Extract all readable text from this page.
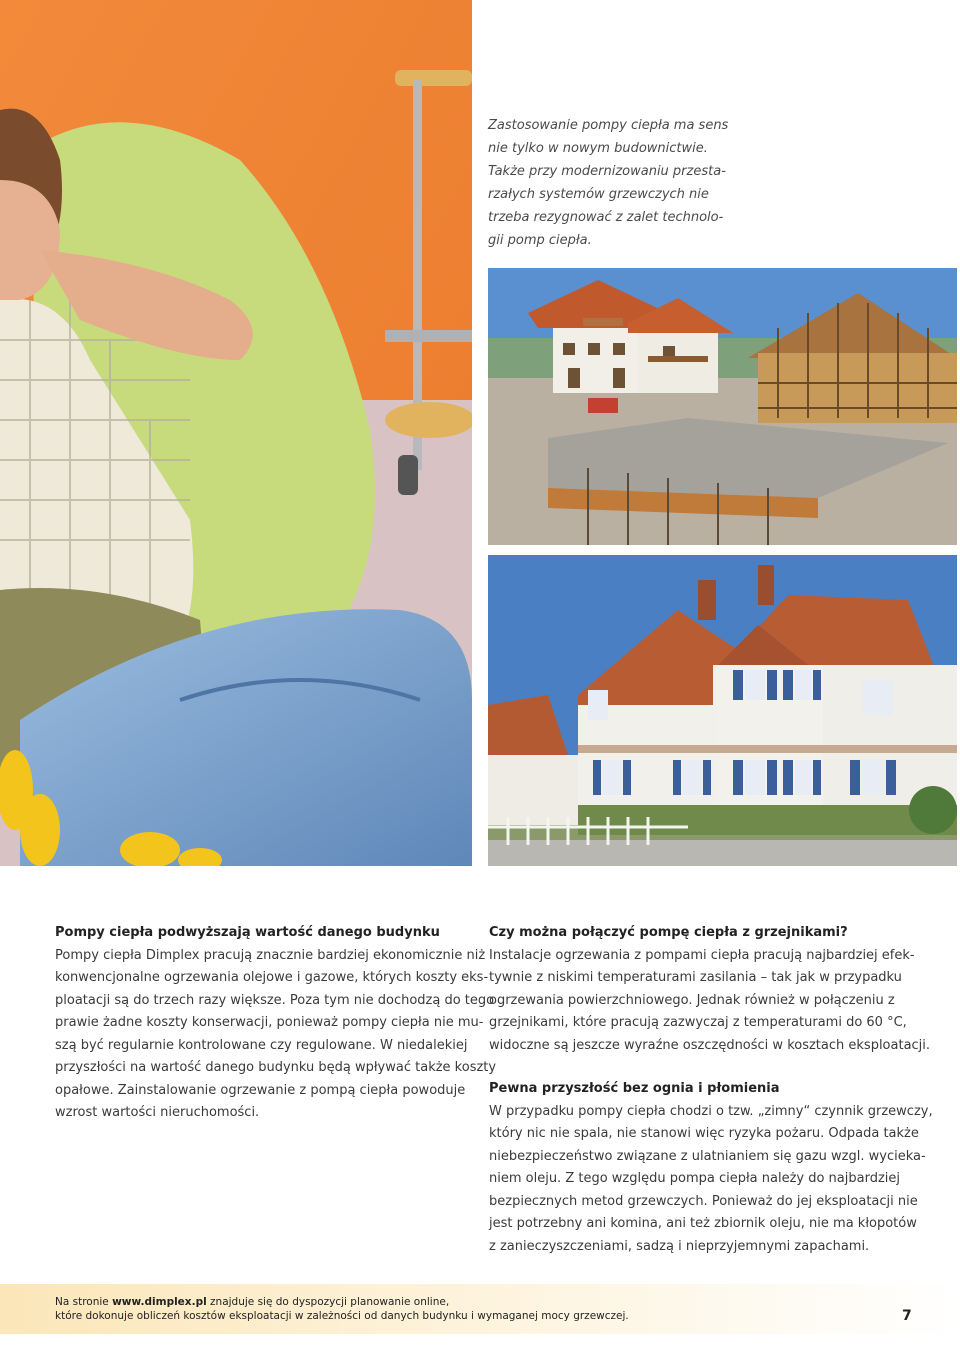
Zastosowanie pompy ciepła ma sens
nie tylko w nowym budownictwie.
Także przy modernizowaniu przesta-
rzałych systemów grzewczych nie
trzeba rezygnować z zalet technolo-
gii pomp ciepła.
Pompy ciepła podwyższają wartość danego budynku
Pompy ciepła Dimplex pracują znacznie bardziej ekonomicznie niż
konwencjonalne ogrzewania olejowe i gazowe, których koszty eks-
ploatacji są do trzech razy większe. Poza tym nie dochodzą do tego
prawie żadne koszty konserwacji, ponieważ pompy ciepła nie mu-
szą być regularnie kontrolowane czy regulowane. W niedalekiej
przyszłości na wartość danego budynku będą wpływać także koszty
opałowe. Zainstalowanie ogrzewanie z pompą ciepła powoduje
wzrost wartości nieruchomości.
Czy można połączyć pompę ciepła z grzejnikami?
Instalacje ogrzewania z pompami ciepła pracują najbardziej efek-
tywnie z niskimi temperaturami zasilania – tak jak w przypadku
ogrzewania powierzchniowego. Jednak również w połączeniu z
grzejnikami, które pracują zazwyczaj z temperaturami do 60 °C,
widoczne są jeszcze wyraźne oszczędności w kosztach eksploatacji.
Pewna przyszłość bez ognia i płomienia
W przypadku pompy ciepła chodzi o tzw. „zimny“ czynnik grzewczy,
który nic nie spala, nie stanowi więc ryzyka pożaru. Odpada także
niebezpieczeństwo związane z ulatnianiem się gazu wzgl. wycieka-
niem oleju. Z tego względu pompa ciepła należy do najbardziej
bezpiecznych metod grzewczych. Ponieważ do jej eksploatacji nie
jest potrzebny ani komina, ani też zbiornik oleju, nie ma kłopotów
z zanieczyszczeniami, sadzą i nieprzyjemnymi zapachami.
Na stronie www.dimplex.pl znajduje się do dyspozycji planowanie online,
które dokonuje obliczeń kosztów eksploatacji w zależności od danych budynku i wymaganej mocy grzewczej.	7
